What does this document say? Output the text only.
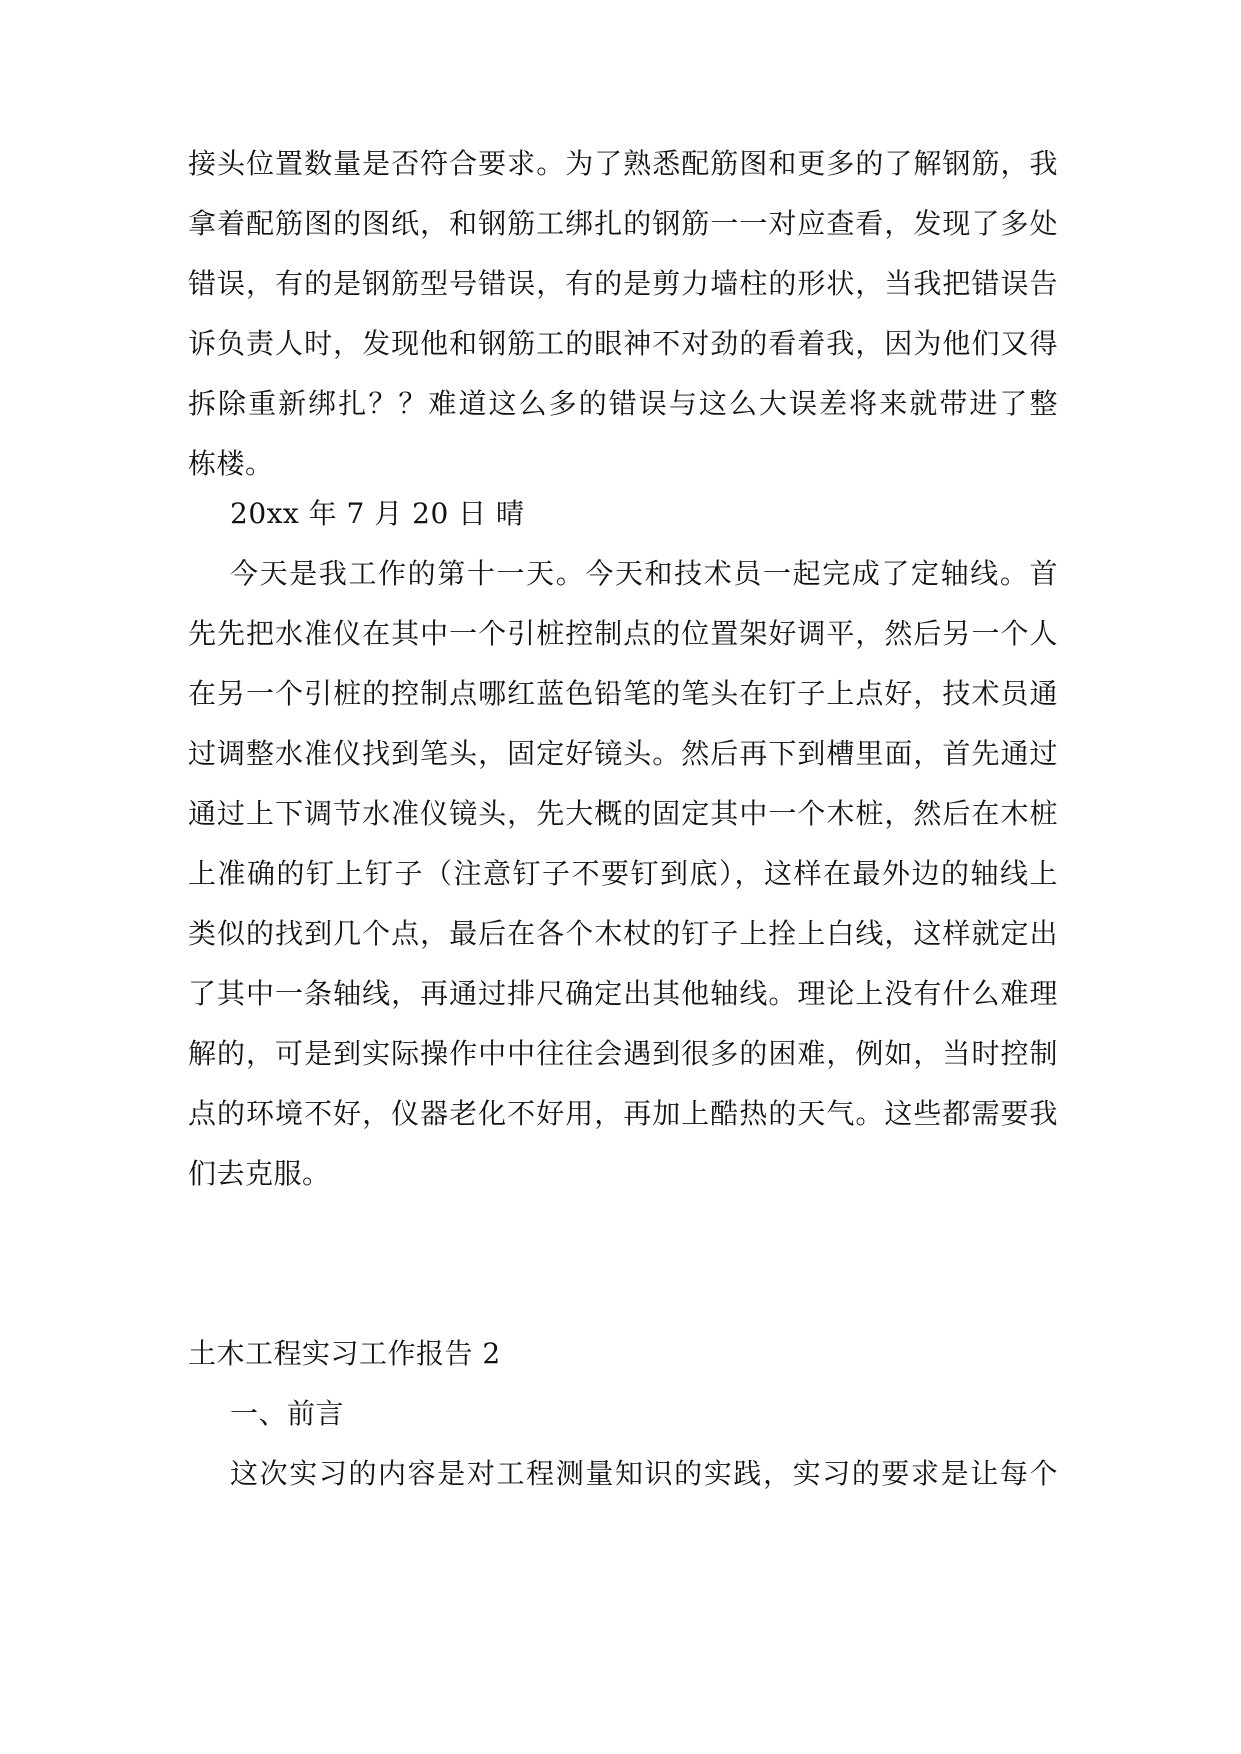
接头位置数量是否符合要求。为了熟悉配筋图和更多的了解钢筋，我
拿着配筋图的图纸，和钢筋工绑扎的钢筋一一对应查看，发现了多处
错误，有的是钢筋型号错误，有的是剪力墙柱的形状，当我把错误告
诉负责人时，发现他和钢筋工的眼神不对劲的看着我，因为他们又得
拆除重新绑扎？？难道这么多的错误与这么大误差将来就带进了整
栋楼。
20xx 年 7 月 20 日 晴
今天是我工作的第十一天。今天和技术员一起完成了定轴线。首
先先把水准仪在其中一个引桩控制点的位置架好调平，然后另一个人
在另一个引桩的控制点哪红蓝色铅笔的笔头在钉子上点好，技术员通
过调整水准仪找到笔头，固定好镜头。然后再下到槽里面，首先通过
通过上下调节水准仪镜头，先大概的固定其中一个木桩，然后在木桩
上准确的钉上钉子（注意钉子不要钉到底），这样在最外边的轴线上
类似的找到几个点，最后在各个木杖的钉子上拴上白线，这样就定出
了其中一条轴线，再通过排尺确定出其他轴线。理论上没有什么难理
解的，可是到实际操作中中往往会遇到很多的困难，例如，当时控制
点的环境不好，仪器老化不好用，再加上酷热的天气。这些都需要我
们去克服。
土木工程实习工作报告 2
一、前言
这次实习的内容是对工程测量知识的实践，实习的要求是让每个
